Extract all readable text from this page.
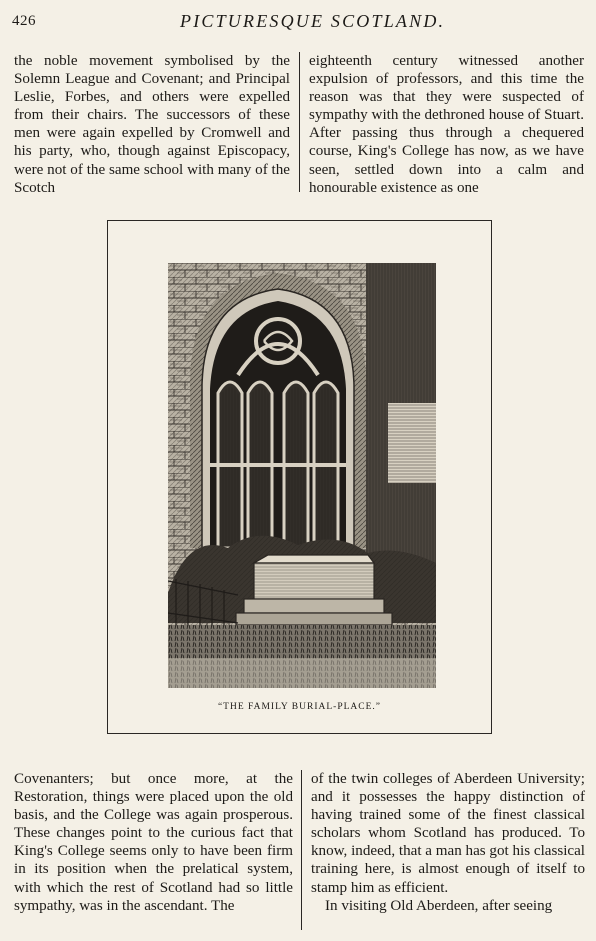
426	PICTURESQUE SCOTLAND.

the noble movement symbolised by the Solemn League and Covenant; and Principal Leslie, Forbes, and others were expelled from their chairs. The successors of these men were again expelled by Cromwell and his party, who, though against Episcopacy, were not of the same school with many of the Scotch

eighteenth century witnessed another expulsion of professors, and this time the reason was that they were suspected of sympathy with the dethroned house of Stuart. After passing thus through a chequered course, King's College has now, as we have seen, settled down into a calm and honourable existence as one

“THE FAMILY BURIAL-PLACE.”

Covenanters; but once more, at the Restoration, things were placed upon the old basis, and the College was again prosperous. These changes point to the curious fact that King's College seems only to have been firm in its position when the prelatical system, with which the rest of Scotland had so little sympathy, was in the ascendant. The

of the twin colleges of Aberdeen University; and it possesses the happy distinction of having trained some of the finest classical scholars whom Scotland has produced. To know, indeed, that a man has got his classical training here, is almost enough of itself to stamp him as efficient.

In visiting Old Aberdeen, after seeing
